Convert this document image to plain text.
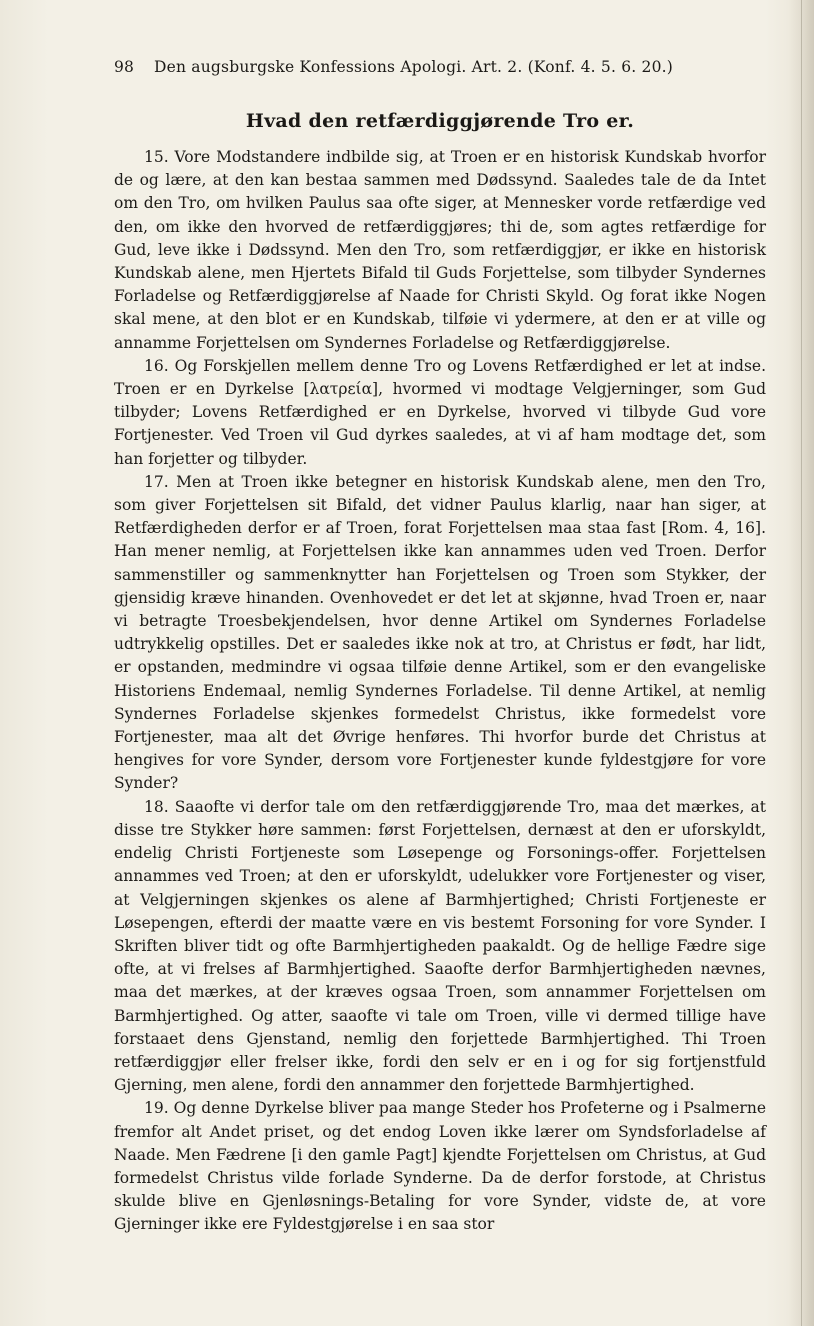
98 Den augsburgske Konfessions Apologi. Art. 2. (Konf. 4. 5. 6. 20.)
Hvad den retfærdiggjørende Tro er.

15. Vore Modstandere indbilde sig, at Troen er en historisk Kundskab hvorfor de og lære, at den kan bestaa sammen med Dødssynd. Saaledes tale de da Intet om den Tro, om hvilken Paulus saa ofte siger, at Mennesker vorde retfærdige ved den, om ikke den hvorved de retfærdiggjøres; thi de, som agtes retfærdige for Gud, leve ikke i Dødssynd. Men den Tro, som retfærdiggjør, er ikke en historisk Kundskab alene, men Hjertets Bifald til Guds Forjettelse, som tilbyder Syndernes Forladelse og Retfærdiggjørelse af Naade for Christi Skyld. Og forat ikke Nogen skal mene, at den blot er en Kundskab, tilføie vi ydermere, at den er at ville og annamme Forjettelsen om Syndernes Forladelse og Retfærdiggjørelse.

16. Og Forskjellen mellem denne Tro og Lovens Retfærdighed er let at indse. Troen er en Dyrkelse [λατρεία], hvormed vi modtage Velgjerninger, som Gud tilbyder; Lovens Retfærdighed er en Dyrkelse, hvorved vi tilbyde Gud vore Fortjenester. Ved Troen vil Gud dyrkes saaledes, at vi af ham modtage det, som han forjetter og tilbyder.

17. Men at Troen ikke betegner en historisk Kundskab alene, men den Tro, som giver Forjettelsen sit Bifald, det vidner Paulus klarlig, naar han siger, at Retfærdigheden derfor er af Troen, forat Forjettelsen maa staa fast [Rom. 4, 16]. Han mener nemlig, at Forjettelsen ikke kan annammes uden ved Troen. Derfor sammenstiller og sammenknytter han Forjettelsen og Troen som Stykker, der gjensidig kræve hinanden. Ovenhovedet er det let at skjønne, hvad Troen er, naar vi betragte Troesbekjendelsen, hvor denne Artikel om Syndernes Forladelse udtrykkelig opstilles. Det er saaledes ikke nok at tro, at Christus er født, har lidt, er opstanden, medmindre vi ogsaa tilføie denne Artikel, som er den evangeliske Historiens Endemaal, nemlig Syndernes Forladelse. Til denne Artikel, at nemlig Syndernes Forladelse skjenkes formedelst Christus, ikke formedelst vore Fortjenester, maa alt det Øvrige henføres. Thi hvorfor burde det Christus at hengives for vore Synder, dersom vore Fortjenester kunde fyldestgjøre for vore Synder?

18. Saaofte vi derfor tale om den retfærdiggjørende Tro, maa det mærkes, at disse tre Stykker høre sammen: først Forjettelsen, dernæst at den er uforskyldt, endelig Christi Fortjeneste som Løsepenge og Forsonings-offer. Forjettelsen annammes ved Troen; at den er uforskyldt, udelukker vore Fortjenester og viser, at Velgjerningen skjenkes os alene af Barmhjertighed; Christi Fortjeneste er Løsepengen, efterdi der maatte være en vis bestemt Forsoning for vore Synder. I Skriften bliver tidt og ofte Barmhjertigheden paakaldt. Og de hellige Fædre sige ofte, at vi frelses af Barmhjertighed. Saaofte derfor Barmhjertigheden nævnes, maa det mærkes, at der kræves ogsaa Troen, som annammer Forjettelsen om Barmhjertighed. Og atter, saaofte vi tale om Troen, ville vi dermed tillige have forstaaet dens Gjenstand, nemlig den forjettede Barmhjertighed. Thi Troen retfærdiggjør eller frelser ikke, fordi den selv er en i og for sig fortjenstfuld Gjerning, men alene, fordi den annammer den forjettede Barmhjertighed.

19. Og denne Dyrkelse bliver paa mange Steder hos Profeterne og i Psalmerne fremfor alt Andet priset, og det endog Loven ikke lærer om Syndsforladelse af Naade. Men Fædrene [i den gamle Pagt] kjendte Forjettelsen om Christus, at Gud formedelst Christus vilde forlade Synderne. Da de derfor forstode, at Christus skulde blive en Gjenløsnings-Betaling for vore Synder, vidste de, at vore Gjerninger ikke ere Fyldestgjørelse i en saa stor
